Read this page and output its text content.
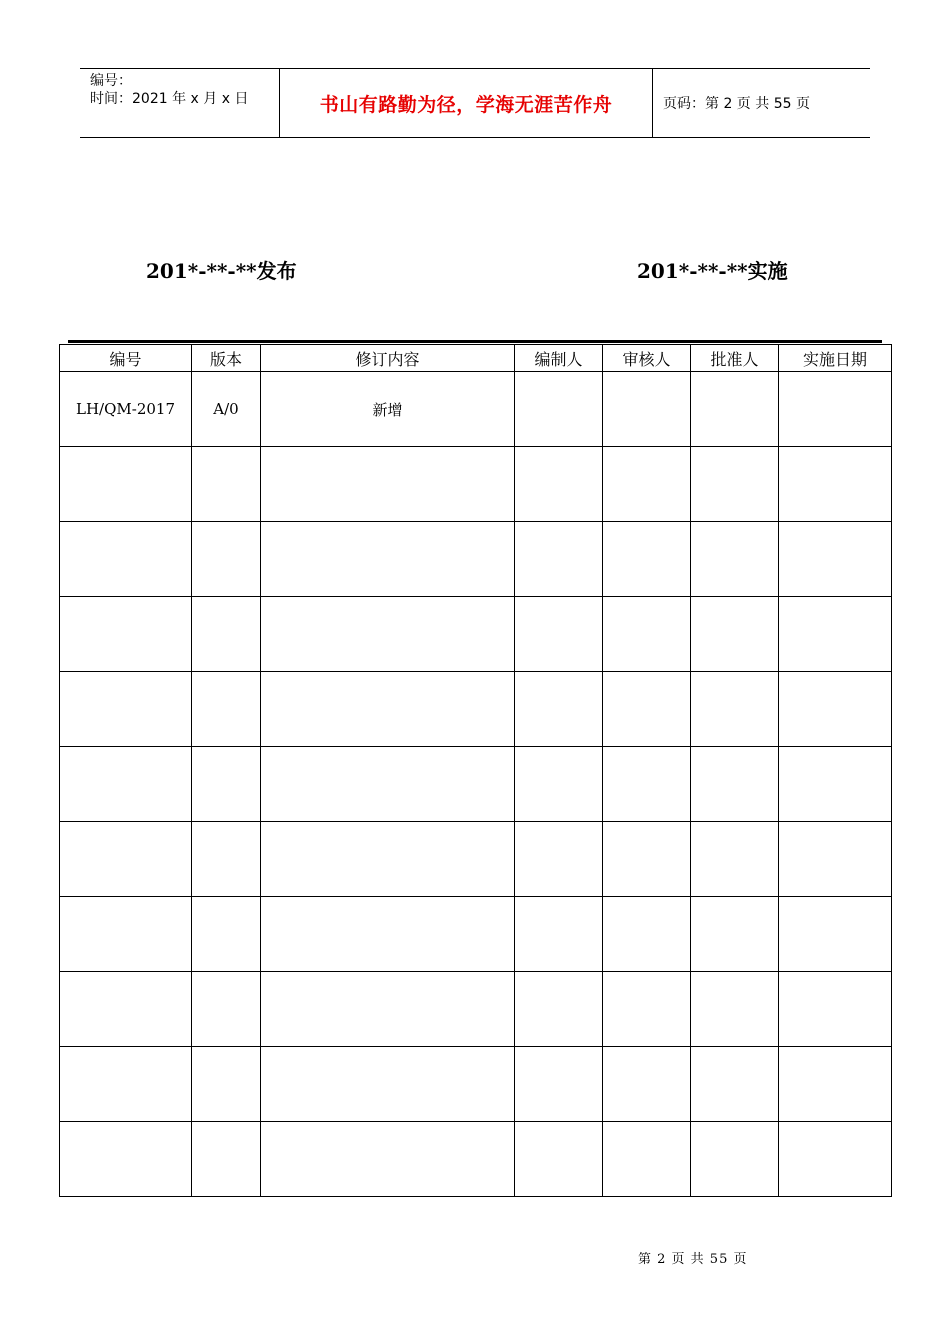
编号：
时间：2021 年 x 月 x 日	书山有路勤为径，学海无涯苦作舟	页码：第 2 页 共 55 页
201*-**-**发布	201*-**-**实施
编号	版本	修订内容	编制人	审核人	批准人	实施日期
LH/QM-2017	A/0	新增				

第 2 页 共 55 页
